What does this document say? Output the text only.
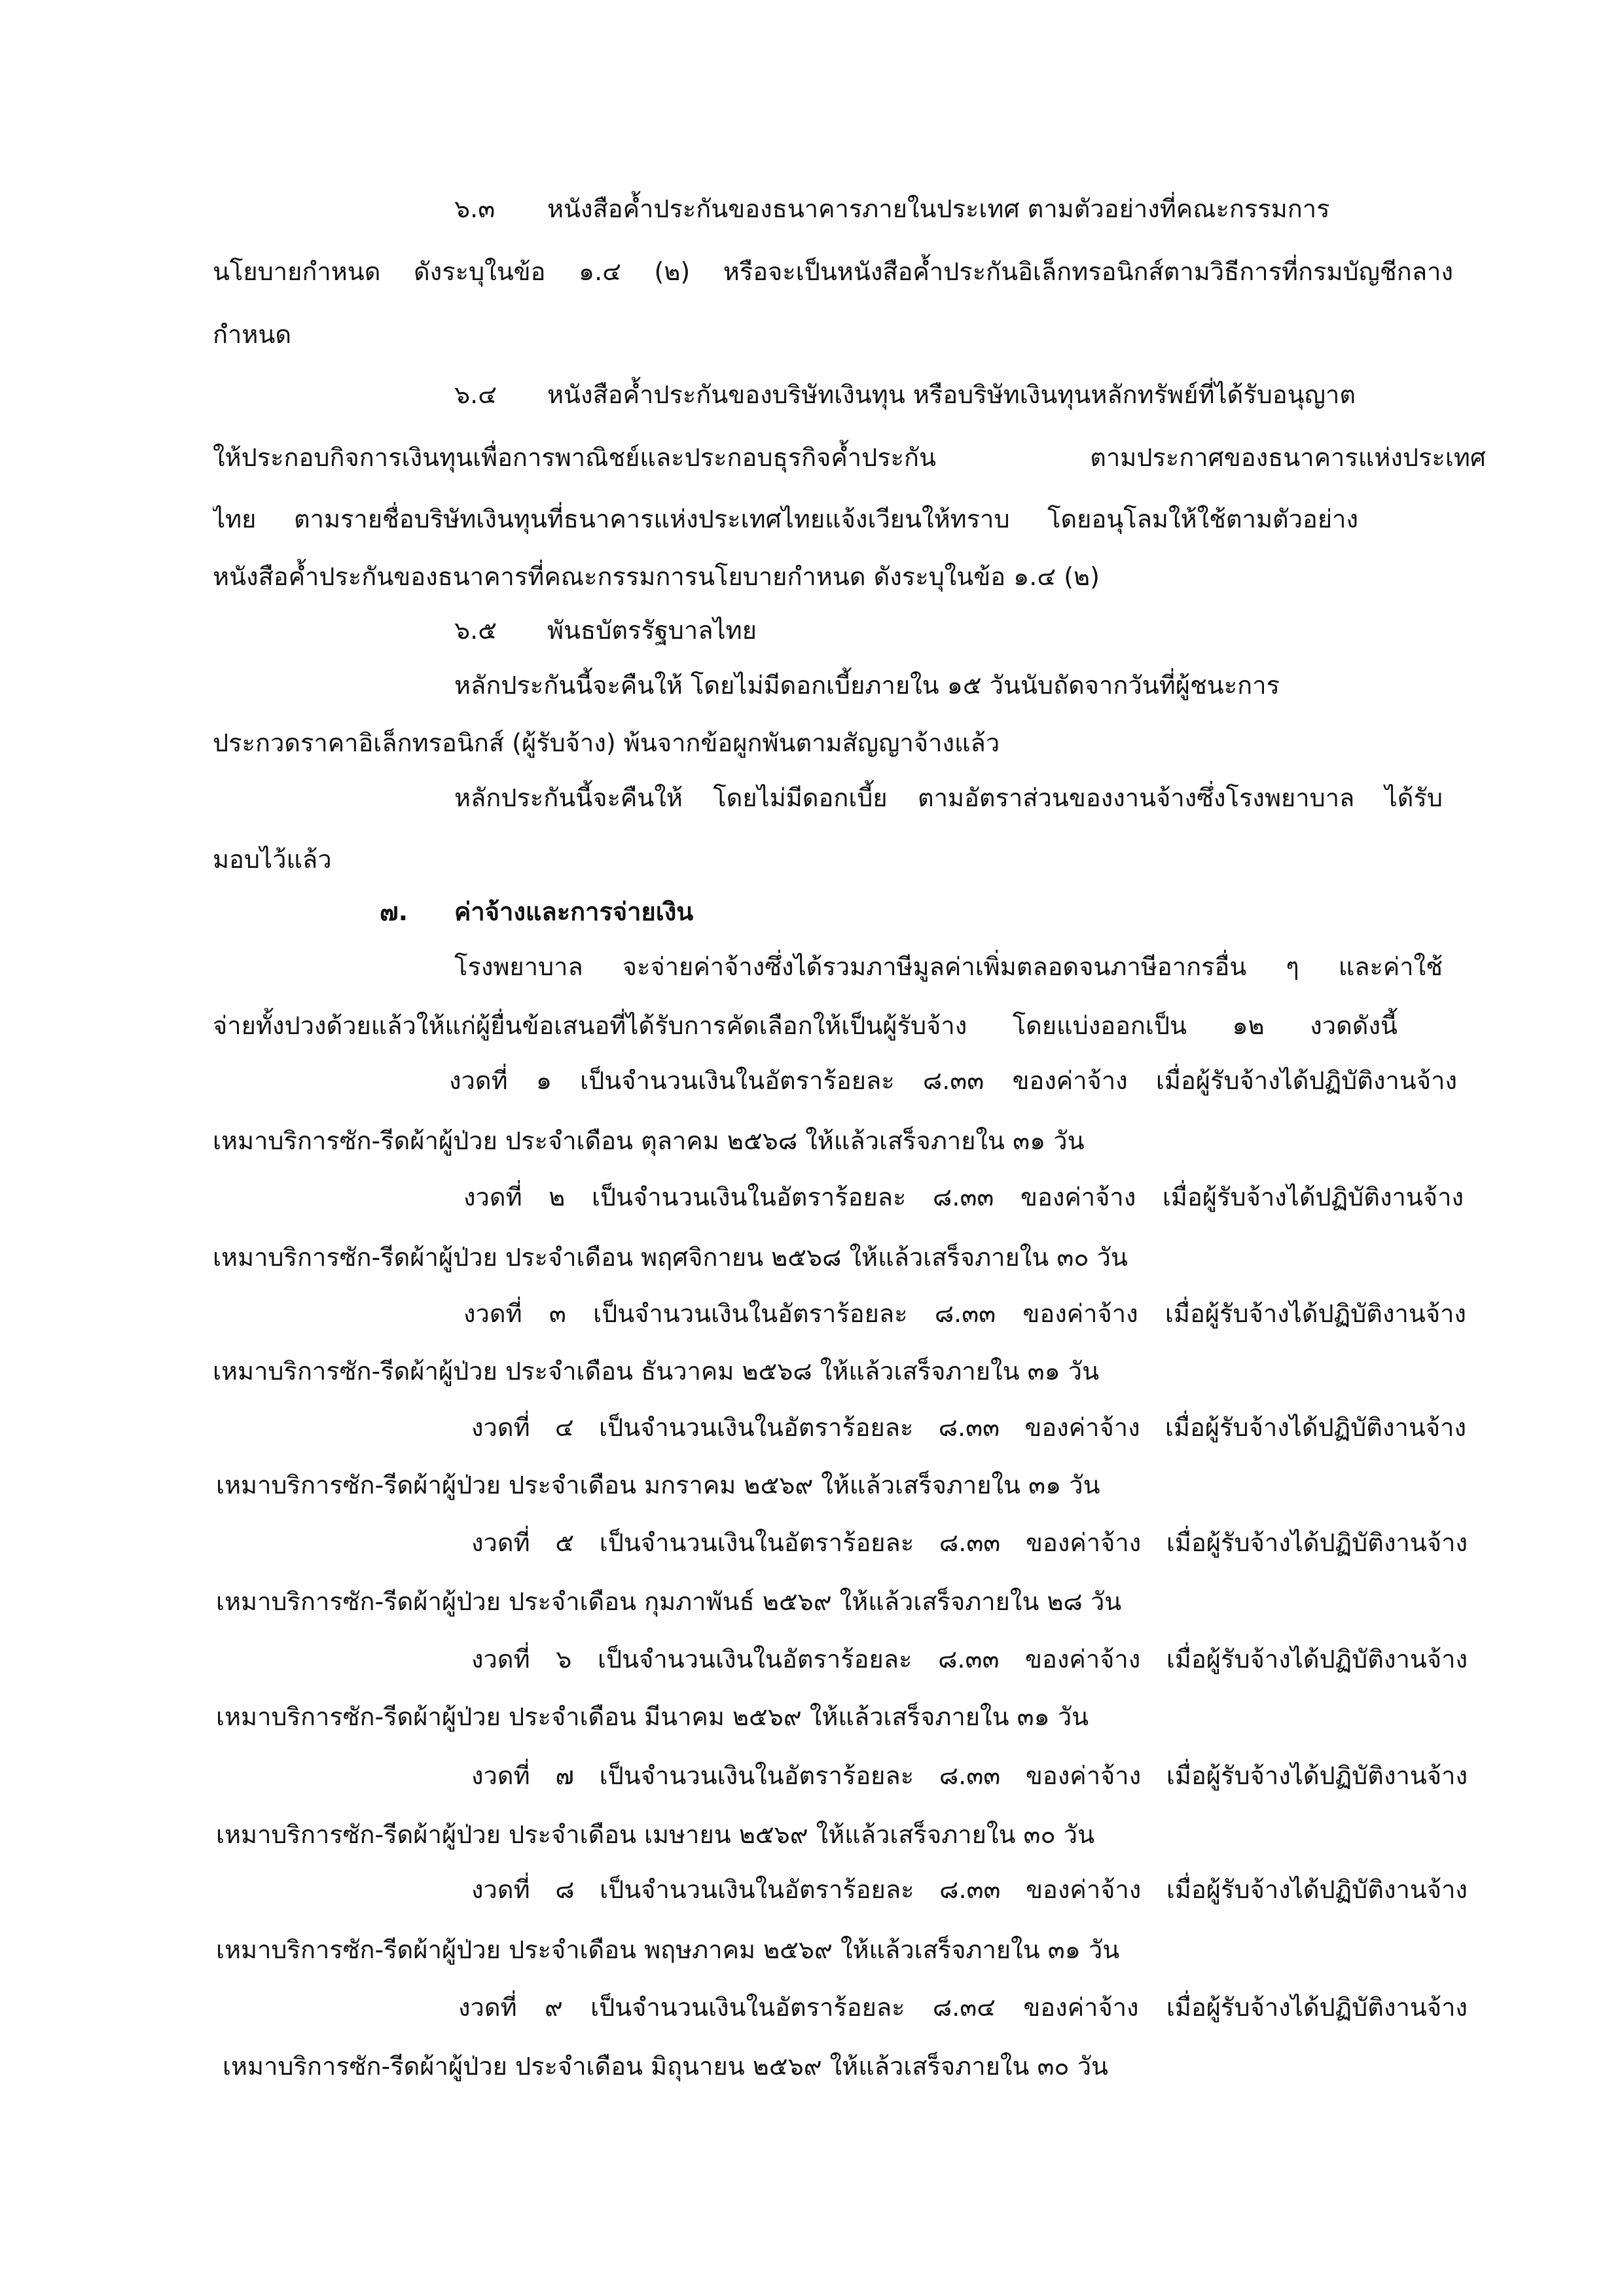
๖.๓ หนังสือค้ำประกันของธนาคารภายในประเทศ ตามตัวอย่างที่คณะกรรมการ

นโยบายกำหนด ดังระบุในข้อ ๑.๔ (๒) หรือจะเป็นหนังสือค้ำประกันอิเล็กทรอนิกส์ตามวิธีการที่กรมบัญชีกลาง

กำหนด

๖.๔ หนังสือค้ำประกันของบริษัทเงินทุน หรือบริษัทเงินทุนหลักทรัพย์ที่ได้รับอนุญาต

ให้ประกอบกิจการเงินทุนเพื่อการพาณิชย์และประกอบธุรกิจค้ำประกัน ตามประกาศของธนาคารแห่งประเทศ

ไทย ตามรายชื่อบริษัทเงินทุนที่ธนาคารแห่งประเทศไทยแจ้งเวียนให้ทราบ โดยอนุโลมให้ใช้ตามตัวอย่าง

หนังสือค้ำประกันของธนาคารที่คณะกรรมการนโยบายกำหนด ดังระบุในข้อ ๑.๔ (๒)

๖.๕ พันธบัตรรัฐบาลไทย

หลักประกันนี้จะคืนให้ โดยไม่มีดอกเบี้ยภายใน ๑๕ วันนับถัดจากวันที่ผู้ชนะการ

ประกวดราคาอิเล็กทรอนิกส์ (ผู้รับจ้าง) พ้นจากข้อผูกพันตามสัญญาจ้างแล้ว

หลักประกันนี้จะคืนให้ โดยไม่มีดอกเบี้ย ตามอัตราส่วนของงานจ้างซึ่งโรงพยาบาล ได้รับ

มอบไว้แล้ว

๗. ค่าจ้างและการจ่ายเงิน

โรงพยาบาล จะจ่ายค่าจ้างซึ่งได้รวมภาษีมูลค่าเพิ่มตลอดจนภาษีอากรอื่น ๆ และค่าใช้

จ่ายทั้งปวงด้วยแล้วให้แก่ผู้ยื่นข้อเสนอที่ได้รับการคัดเลือกให้เป็นผู้รับจ้าง โดยแบ่งออกเป็น ๑๒ งวดดังนี้

งวดที่ ๑ เป็นจำนวนเงินในอัตราร้อยละ ๘.๓๓ ของค่าจ้าง เมื่อผู้รับจ้างได้ปฏิบัติงานจ้าง

เหมาบริการซัก-รีดผ้าผู้ป่วย ประจำเดือน ตุลาคม ๒๕๖๘ ให้แล้วเสร็จภายใน ๓๑ วัน

งวดที่ ๒ เป็นจำนวนเงินในอัตราร้อยละ ๘.๓๓ ของค่าจ้าง เมื่อผู้รับจ้างได้ปฏิบัติงานจ้าง

เหมาบริการซัก-รีดผ้าผู้ป่วย ประจำเดือน พฤศจิกายน ๒๕๖๘ ให้แล้วเสร็จภายใน ๓๐ วัน

งวดที่ ๓ เป็นจำนวนเงินในอัตราร้อยละ ๘.๓๓ ของค่าจ้าง เมื่อผู้รับจ้างได้ปฏิบัติงานจ้าง

เหมาบริการซัก-รีดผ้าผู้ป่วย ประจำเดือน ธันวาคม ๒๕๖๘ ให้แล้วเสร็จภายใน ๓๑ วัน

งวดที่ ๔ เป็นจำนวนเงินในอัตราร้อยละ ๘.๓๓ ของค่าจ้าง เมื่อผู้รับจ้างได้ปฏิบัติงานจ้าง

เหมาบริการซัก-รีดผ้าผู้ป่วย ประจำเดือน มกราคม ๒๕๖๙ ให้แล้วเสร็จภายใน ๓๑ วัน

งวดที่ ๕ เป็นจำนวนเงินในอัตราร้อยละ ๘.๓๓ ของค่าจ้าง เมื่อผู้รับจ้างได้ปฏิบัติงานจ้าง

เหมาบริการซัก-รีดผ้าผู้ป่วย ประจำเดือน กุมภาพันธ์ ๒๕๖๙ ให้แล้วเสร็จภายใน ๒๘ วัน

งวดที่ ๖ เป็นจำนวนเงินในอัตราร้อยละ ๘.๓๓ ของค่าจ้าง เมื่อผู้รับจ้างได้ปฏิบัติงานจ้าง

เหมาบริการซัก-รีดผ้าผู้ป่วย ประจำเดือน มีนาคม ๒๕๖๙ ให้แล้วเสร็จภายใน ๓๑ วัน

งวดที่ ๗ เป็นจำนวนเงินในอัตราร้อยละ ๘.๓๓ ของค่าจ้าง เมื่อผู้รับจ้างได้ปฏิบัติงานจ้าง

เหมาบริการซัก-รีดผ้าผู้ป่วย ประจำเดือน เมษายน ๒๕๖๙ ให้แล้วเสร็จภายใน ๓๐ วัน

งวดที่ ๘ เป็นจำนวนเงินในอัตราร้อยละ ๘.๓๓ ของค่าจ้าง เมื่อผู้รับจ้างได้ปฏิบัติงานจ้าง

เหมาบริการซัก-รีดผ้าผู้ป่วย ประจำเดือน พฤษภาคม ๒๕๖๙ ให้แล้วเสร็จภายใน ๓๑ วัน

งวดที่ ๙ เป็นจำนวนเงินในอัตราร้อยละ ๘.๓๔ ของค่าจ้าง เมื่อผู้รับจ้างได้ปฏิบัติงานจ้าง

เหมาบริการซัก-รีดผ้าผู้ป่วย ประจำเดือน มิถุนายน ๒๕๖๙ ให้แล้วเสร็จภายใน ๓๐ วัน
